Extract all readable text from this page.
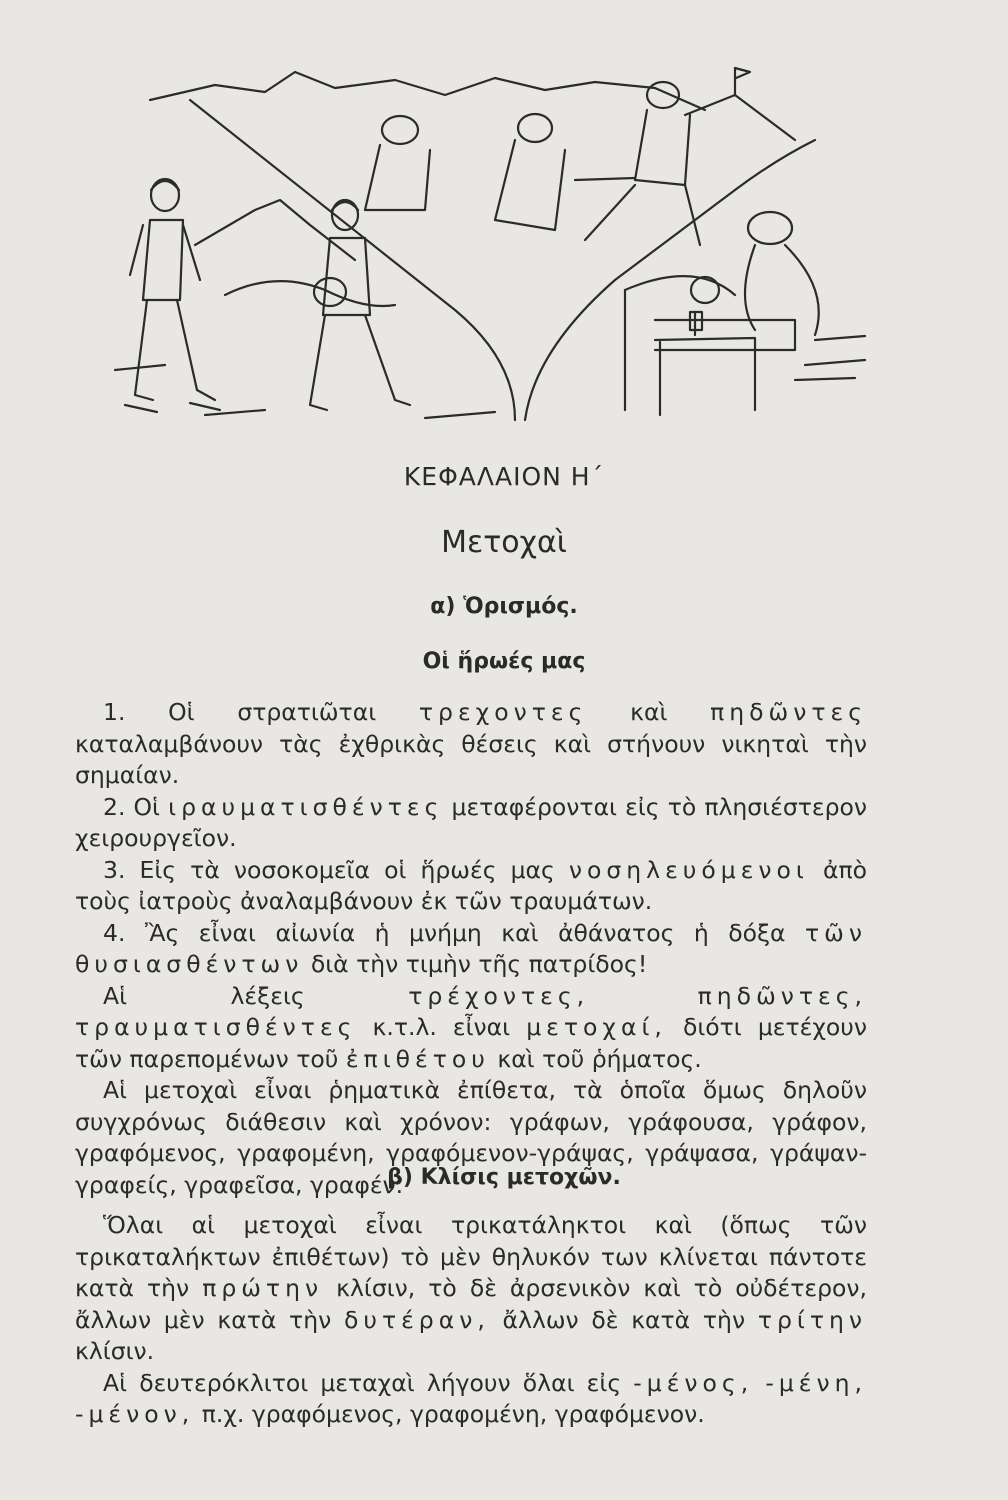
ΚΕΦΑΛΑΙΟΝ Η΄
Μετοχαὶ
α) Ὁρισμός.
Οἱ ἥρωές μας

1. Οἱ στρατιῶται τρεχοντες καὶ πηδῶντες καταλαμβάνουν τὰς ἐχθρικὰς θέσεις καὶ στήνουν νικηταὶ τὴν σημαίαν.

2. Οἱ ιραυματισθέντες μεταφέρονται εἰς τὸ πλησιέστερον χειρουργεῖον.

3. Εἰς τὰ νοσοκομεῖα οἱ ἥρωές μας νοσηλευόμενοι ἀπὸ τοὺς ἰατροὺς ἀναλαμβάνουν ἐκ τῶν τραυμάτων.

4. Ἂς εἶναι αἰωνία ἡ μνήμη καὶ ἀθάνατος ἡ δόξα τῶν θυσιασθέντων διὰ τὴν τιμὴν τῆς πατρίδος!

Αἱ λέξεις τρέχοντες, πηδῶντες, τραυματισθέντες κ.τ.λ. εἶναι μετοχαί, διότι μετέχουν τῶν παρεπομένων τοῦ ἐπιθέτου καὶ τοῦ ῥήματος.

Αἱ μετοχαὶ εἶναι ῥηματικὰ ἐπίθετα, τὰ ὁποῖα ὅμως δηλοῦν συγχρόνως διάθεσιν καὶ χρόνον: γράφων, γράφουσα, γράφον, γραφόμενος, γραφομένη, γραφόμενον-γράψας, γράψασα, γράψαν-γραφείς, γραφεῖσα, γραφέν.

β) Κλίσις μετοχῶν.

Ὅλαι αἱ μετοχαὶ εἶναι τρικατάληκτοι καὶ (ὅπως τῶν τρικαταλήκτων ἐπιθέτων) τὸ μὲν θηλυκόν των κλίνεται πάντοτε κατὰ τὴν πρώτην κλίσιν, τὸ δὲ ἀρσενικὸν καὶ τὸ οὐδέτερον, ἄλλων μὲν κατὰ τὴν δυτέραν, ἄλλων δὲ κατὰ τὴν τρίτην κλίσιν.

Αἱ δευτερόκλιτοι μεταχαὶ λήγουν ὅλαι εἰς -μένος, -μένη, -μένον, π.χ. γραφόμενος, γραφομένη, γραφόμενον.
